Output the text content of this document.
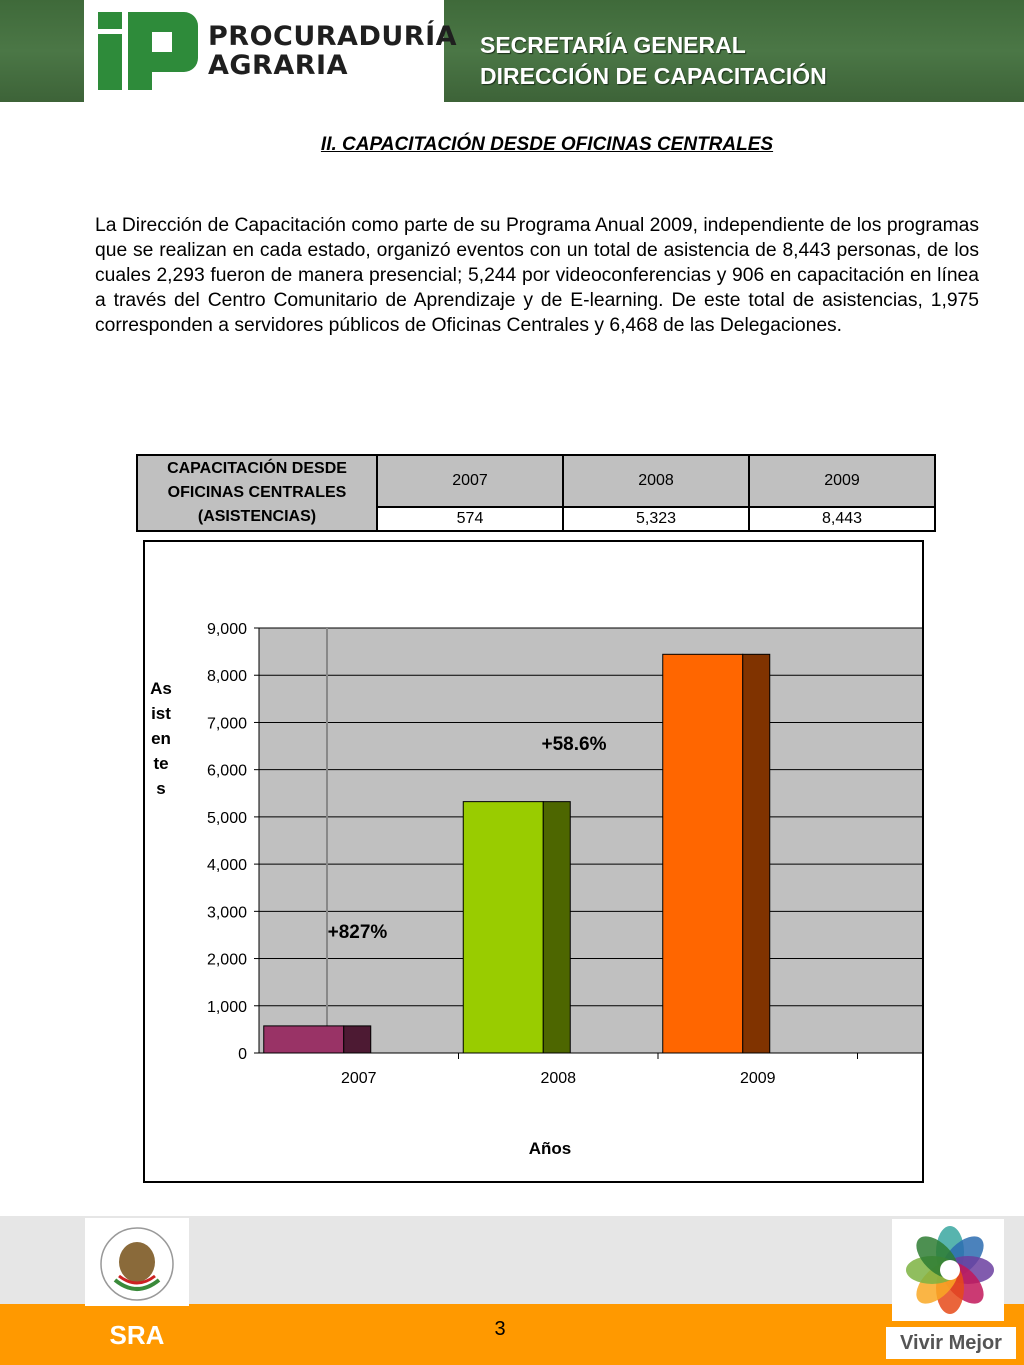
PROCURADURÍA
AGRARIA
SECRETARÍA GENERAL
DIRECCIÓN DE CAPACITACIÓN
II. CAPACITACIÓN DESDE OFICINAS CENTRALES

La Dirección de Capacitación como parte de su Programa Anual 2009, independiente de los programas que se realizan en cada estado, organizó eventos con un total de asistencia de 8,443 personas, de los cuales 2,293 fueron de manera presencial; 5,244 por videoconferencias y 906 en capacitación en línea a través del Centro Comunitario de Aprendizaje y de E-learning. De este total de asistencias, 1,975 corresponden a servidores públicos de Oficinas Centrales y 6,468 de las Delegaciones.

CAPACITACIÓN DESDE OFICINAS CENTRALES (ASISTENCIAS)	2007	2008	2009
	574	5,323	8,443
0
1,000
2,000
3,000
4,000
5,000
6,000
7,000
8,000
9,000
2007	2008	2009
+827%
+58.6%
Años
Asistentes
SRA	3
Vivir Mejor
